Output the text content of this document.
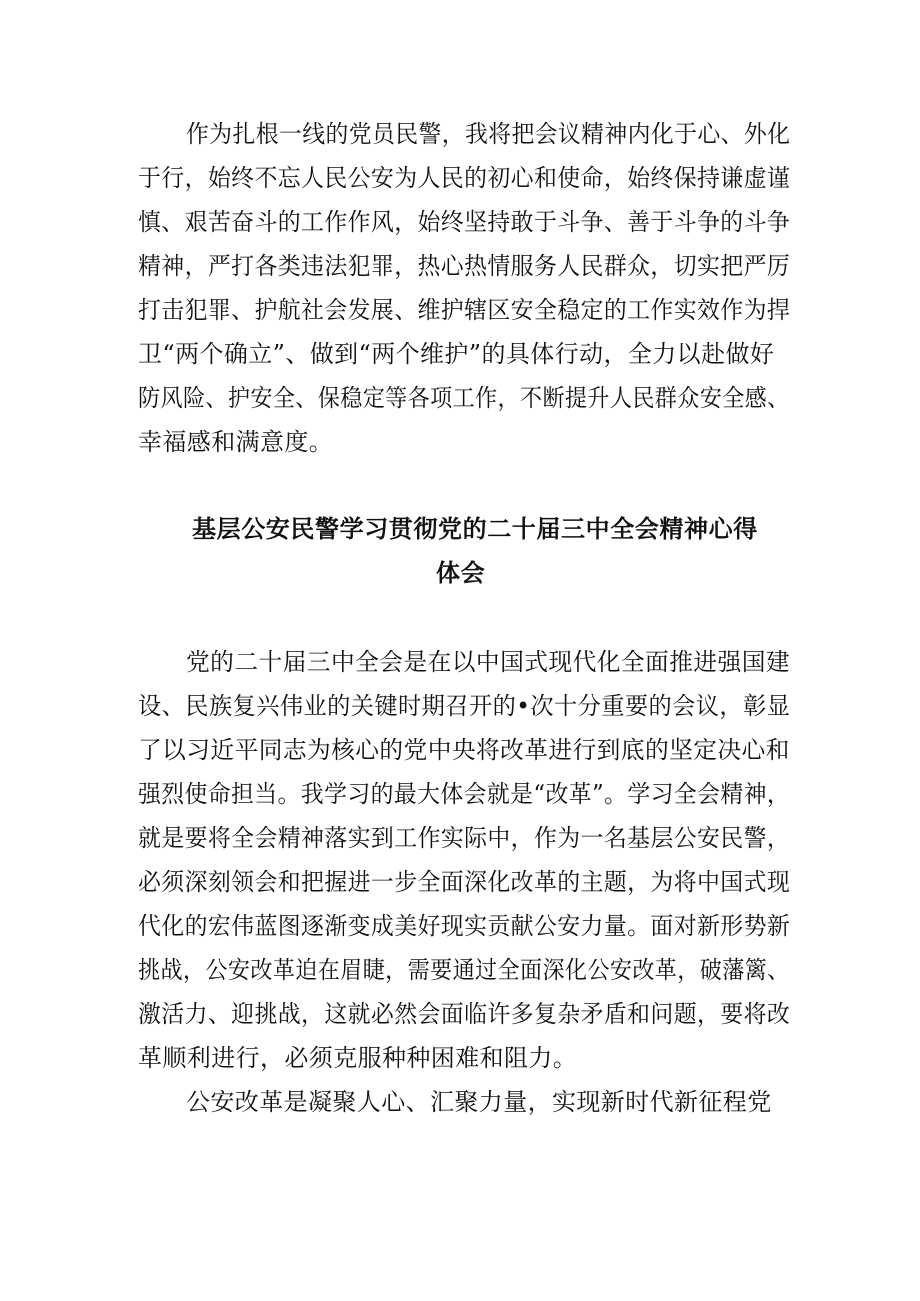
作为扎根一线的党员民警，我将把会议精神内化于心、外化
于行，始终不忘人民公安为人民的初心和使命，始终保持谦虚谨
慎、艰苦奋斗的工作作风，始终坚持敢于斗争、善于斗争的斗争
精神，严打各类违法犯罪，热心热情服务人民群众，切实把严厉
打击犯罪、护航社会发展、维护辖区安全稳定的工作实效作为捍
卫“两个确立”、做到“两个维护”的具体行动，全力以赴做好
防风险、护安全、保稳定等各项工作，不断提升人民群众安全感、
幸福感和满意度。
基层公安民警学习贯彻党的二十届三中全会精神心得
体会
党的二十届三中全会是在以中国式现代化全面推进强国建
设、民族复兴伟业的关键时期召开的•次十分重要的会议，彰显
了以习近平同志为核心的党中央将改革进行到底的坚定决心和
强烈使命担当。我学习的最大体会就是“改革”。学习全会精神，
就是要将全会精神落实到工作实际中，作为一名基层公安民警，
必须深刻领会和把握进一步全面深化改革的主题，为将中国式现
代化的宏伟蓝图逐渐变成美好现实贡献公安力量。面对新形势新
挑战，公安改革迫在眉睫，需要通过全面深化公安改革，破藩篱、
激活力、迎挑战，这就必然会面临许多复杂矛盾和问题，要将改
革顺利进行，必须克服种种困难和阻力。
公安改革是凝聚人心、汇聚力量，实现新时代新征程党
